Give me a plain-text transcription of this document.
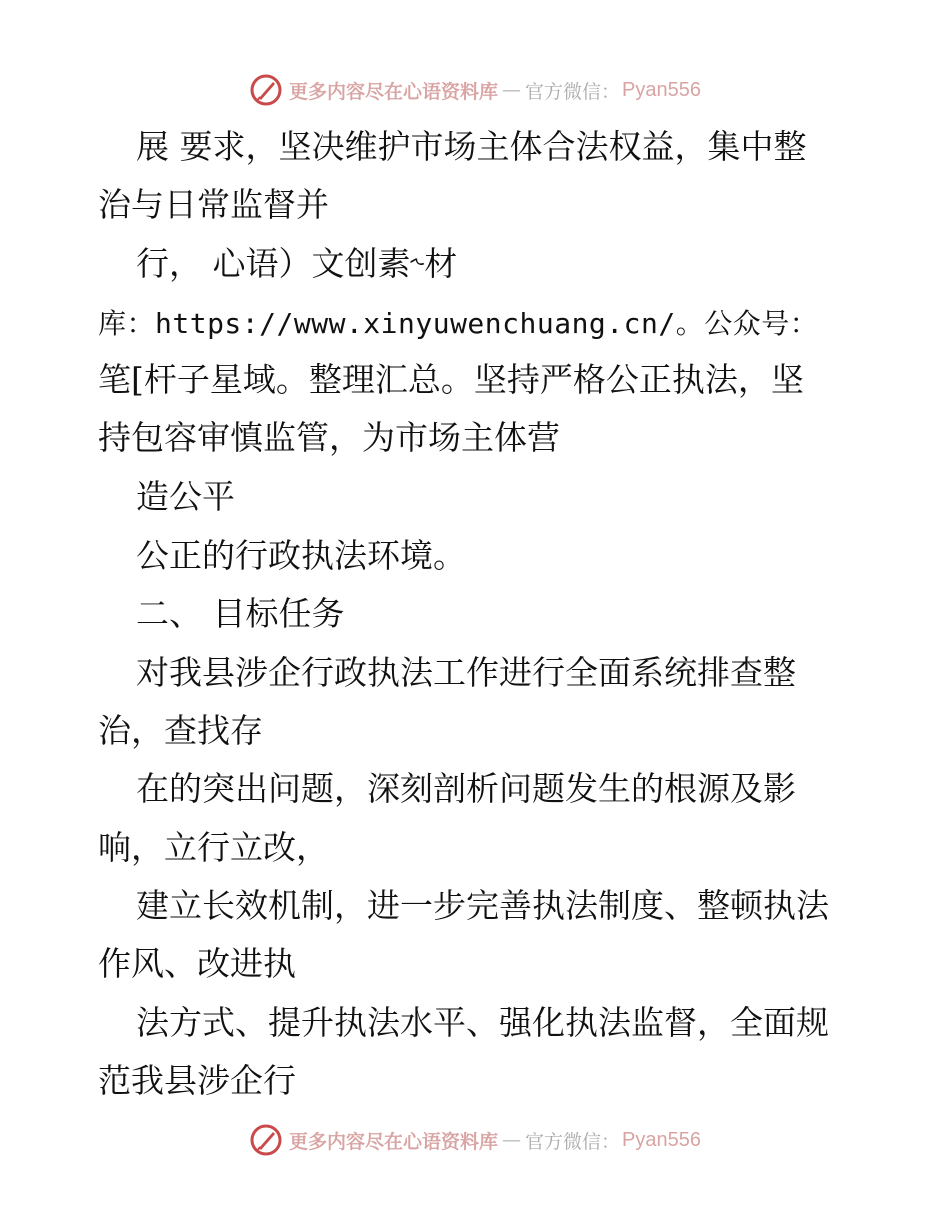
更多内容尽在心语资料库 — 官方微信： Pyan556
展 要求，坚决维护市场主体合法权益，集中整
治与日常监督并
行， 心语）文创素˞材
库：https://www.xinyuwenchuang.cn/。公众号：
笔[杆子星域。整理汇总。坚持严格公正执法，坚
持包容审慎监管，为市场主体营
造公平
公正的行政执法环境。
二、 目标任务
对我县涉企行政执法工作进行全面系统排查整
治，查找存
在的突出问题，深刻剖析问题发生的根源及影
响，立行立改，
建立长效机制，进一步完善执法制度、整顿执法
作风、改进执
法方式、提升执法水平、强化执法监督，全面规
范我县涉企行
更多内容尽在心语资料库 — 官方微信： Pyan556
